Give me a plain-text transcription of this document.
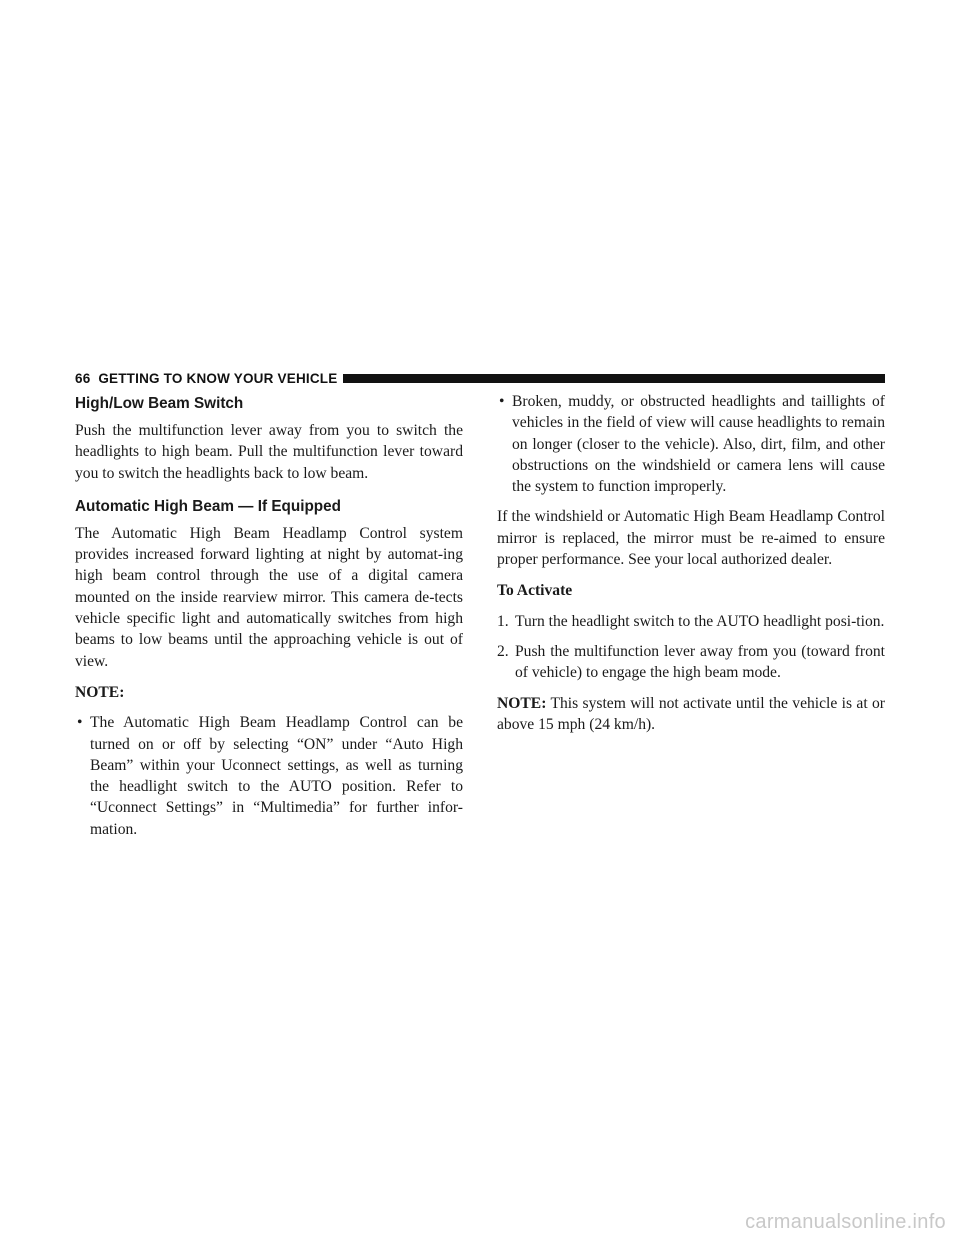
66 GETTING TO KNOW YOUR VEHICLE
High/Low Beam Switch

Push the multifunction lever away from you to switch the headlights to high beam. Pull the multifunction lever toward you to switch the headlights back to low beam.

Automatic High Beam — If Equipped

The Automatic High Beam Headlamp Control system provides increased forward lighting at night by automat-ing high beam control through the use of a digital camera mounted on the inside rearview mirror. This camera de-tects vehicle specific light and automatically switches from high beams to low beams until the approaching vehicle is out of view.

NOTE:
• The Automatic High Beam Headlamp Control can be turned on or off by selecting “ON” under “Auto High Beam” within your Uconnect settings, as well as turning the headlight switch to the AUTO position. Refer to “Uconnect Settings” in “Multimedia” for further infor-mation.
• Broken, muddy, or obstructed headlights and taillights of vehicles in the field of view will cause headlights to remain on longer (closer to the vehicle). Also, dirt, film, and other obstructions on the windshield or camera lens will cause the system to function improperly.

If the windshield or Automatic High Beam Headlamp Control mirror is replaced, the mirror must be re-aimed to ensure proper performance. See your local authorized dealer.

To Activate
1. Turn the headlight switch to the AUTO headlight posi-tion.
2. Push the multifunction lever away from you (toward front of vehicle) to engage the high beam mode.

NOTE: This system will not activate until the vehicle is at or above 15 mph (24 km/h).

carmanualsonline.info
